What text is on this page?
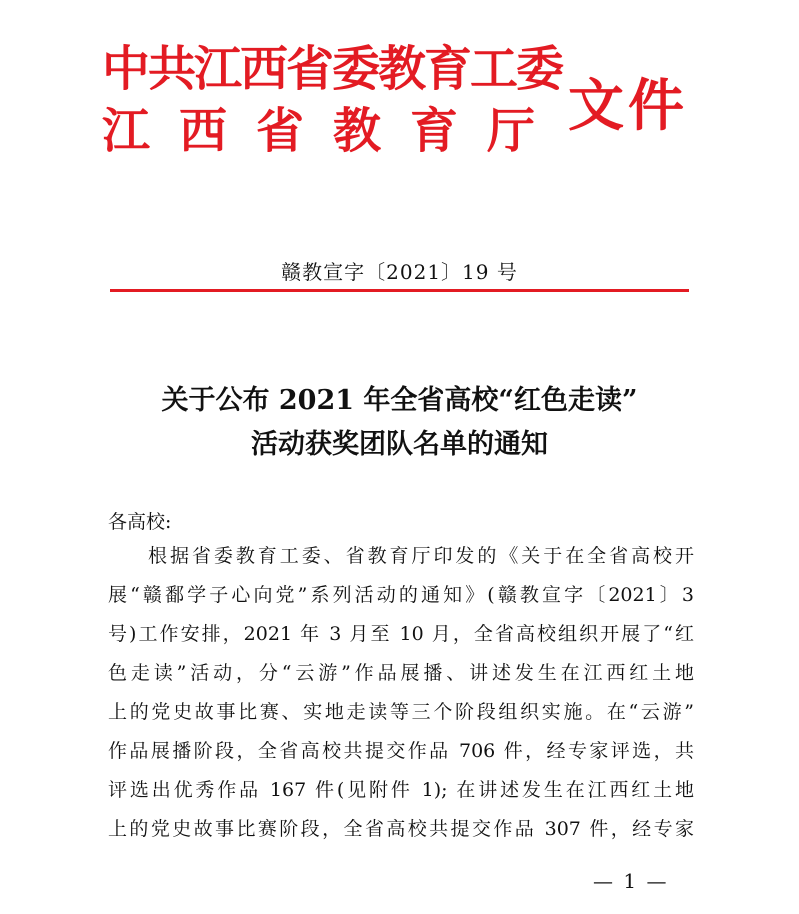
中共江西省委教育工委
江西省教育厅 文件
赣教宣字〔2021〕19 号
关于公布 2021 年全省高校“红色走读”
活动获奖团队名单的通知
各高校:
根据省委教育工委、省教育厅印发的《关于在全省高校开
展“赣鄱学子心向党”系列活动的通知》(赣教宣字〔2021〕3
号)工作安排，2021 年 3 月至 10 月，全省高校组织开展了“红
色走读”活动，分“云游”作品展播、讲述发生在江西红土地
上的党史故事比赛、实地走读等三个阶段组织实施。在“云游”
作品展播阶段，全省高校共提交作品 706 件，经专家评选，共
评选出优秀作品 167 件(见附件 1); 在讲述发生在江西红土地
上的党史故事比赛阶段，全省高校共提交作品 307 件，经专家
— 1 —
